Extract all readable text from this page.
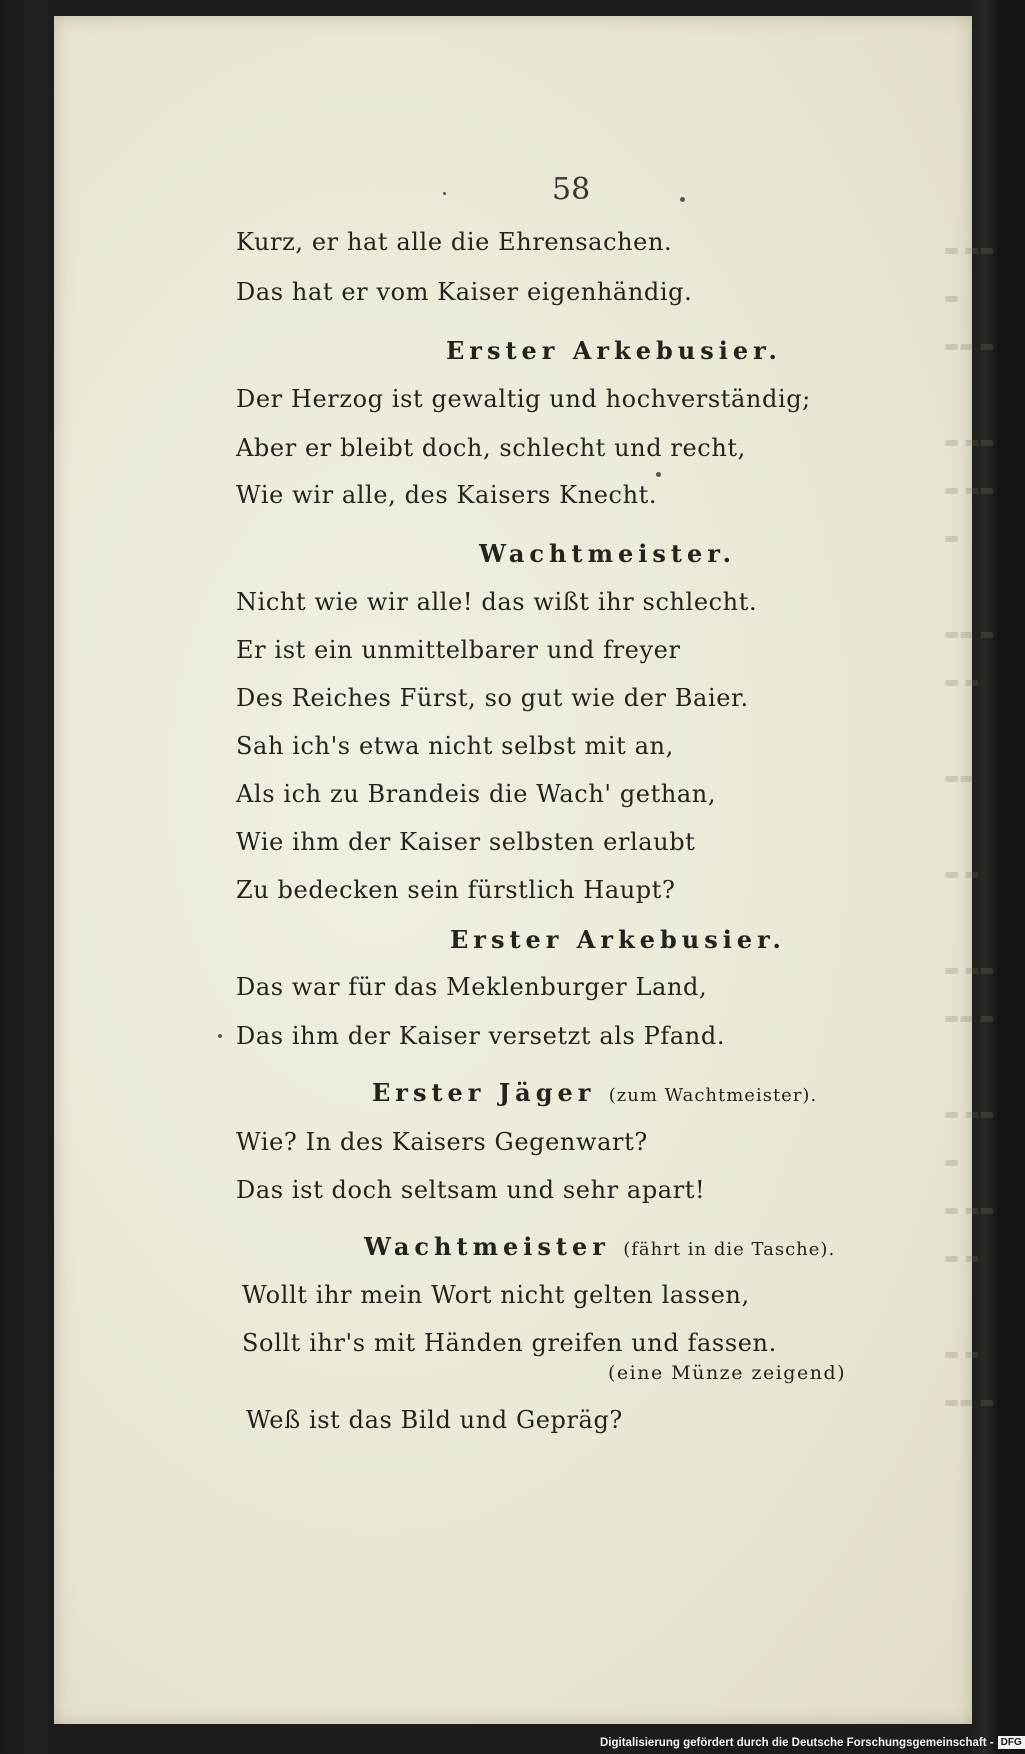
▬ ▬▬ ▬
▬▬ ▬

▬ ▬▬
▬ ▬▬ ▬

▬▬ ▬
▬ ▬

▬▬

▬ ▬

▬ ▬▬
▬▬ ▬

▬ ▬▬
▬
▬ ▬▬
▬ ▬

▬ ▬
▬▬ ▬
58
Kurz, er hat alle die Ehrensachen.
Das hat er vom Kaiser eigenhändig.
Erster Arkebusier.
Der Herzog ist gewaltig und hochverständig;
Aber er bleibt doch, schlecht und recht,
Wie wir alle, des Kaisers Knecht.
Wachtmeister.
Nicht wie wir alle! das wißt ihr schlecht.
Er ist ein unmittelbarer und freyer
Des Reiches Fürst, so gut wie der Baier.
Sah ich's etwa nicht selbst mit an,
Als ich zu Brandeis die Wach' gethan,
Wie ihm der Kaiser selbsten erlaubt
Zu bedecken sein fürstlich Haupt?
Erster Arkebusier.
Das war für das Meklenburger Land,
Das ihm der Kaiser versetzt als Pfand.
Erster Jäger (zum Wachtmeister).
Wie? In des Kaisers Gegenwart?
Das ist doch seltsam und sehr apart!
Wachtmeister (fährt in die Tasche).
Wollt ihr mein Wort nicht gelten lassen,
Sollt ihr's mit Händen greifen und fassen.
(eine Münze zeigend)
Weß ist das Bild und Gepräg?
Digitalisierung gefördert durch die Deutsche Forschungsgemeinschaft - DFG
